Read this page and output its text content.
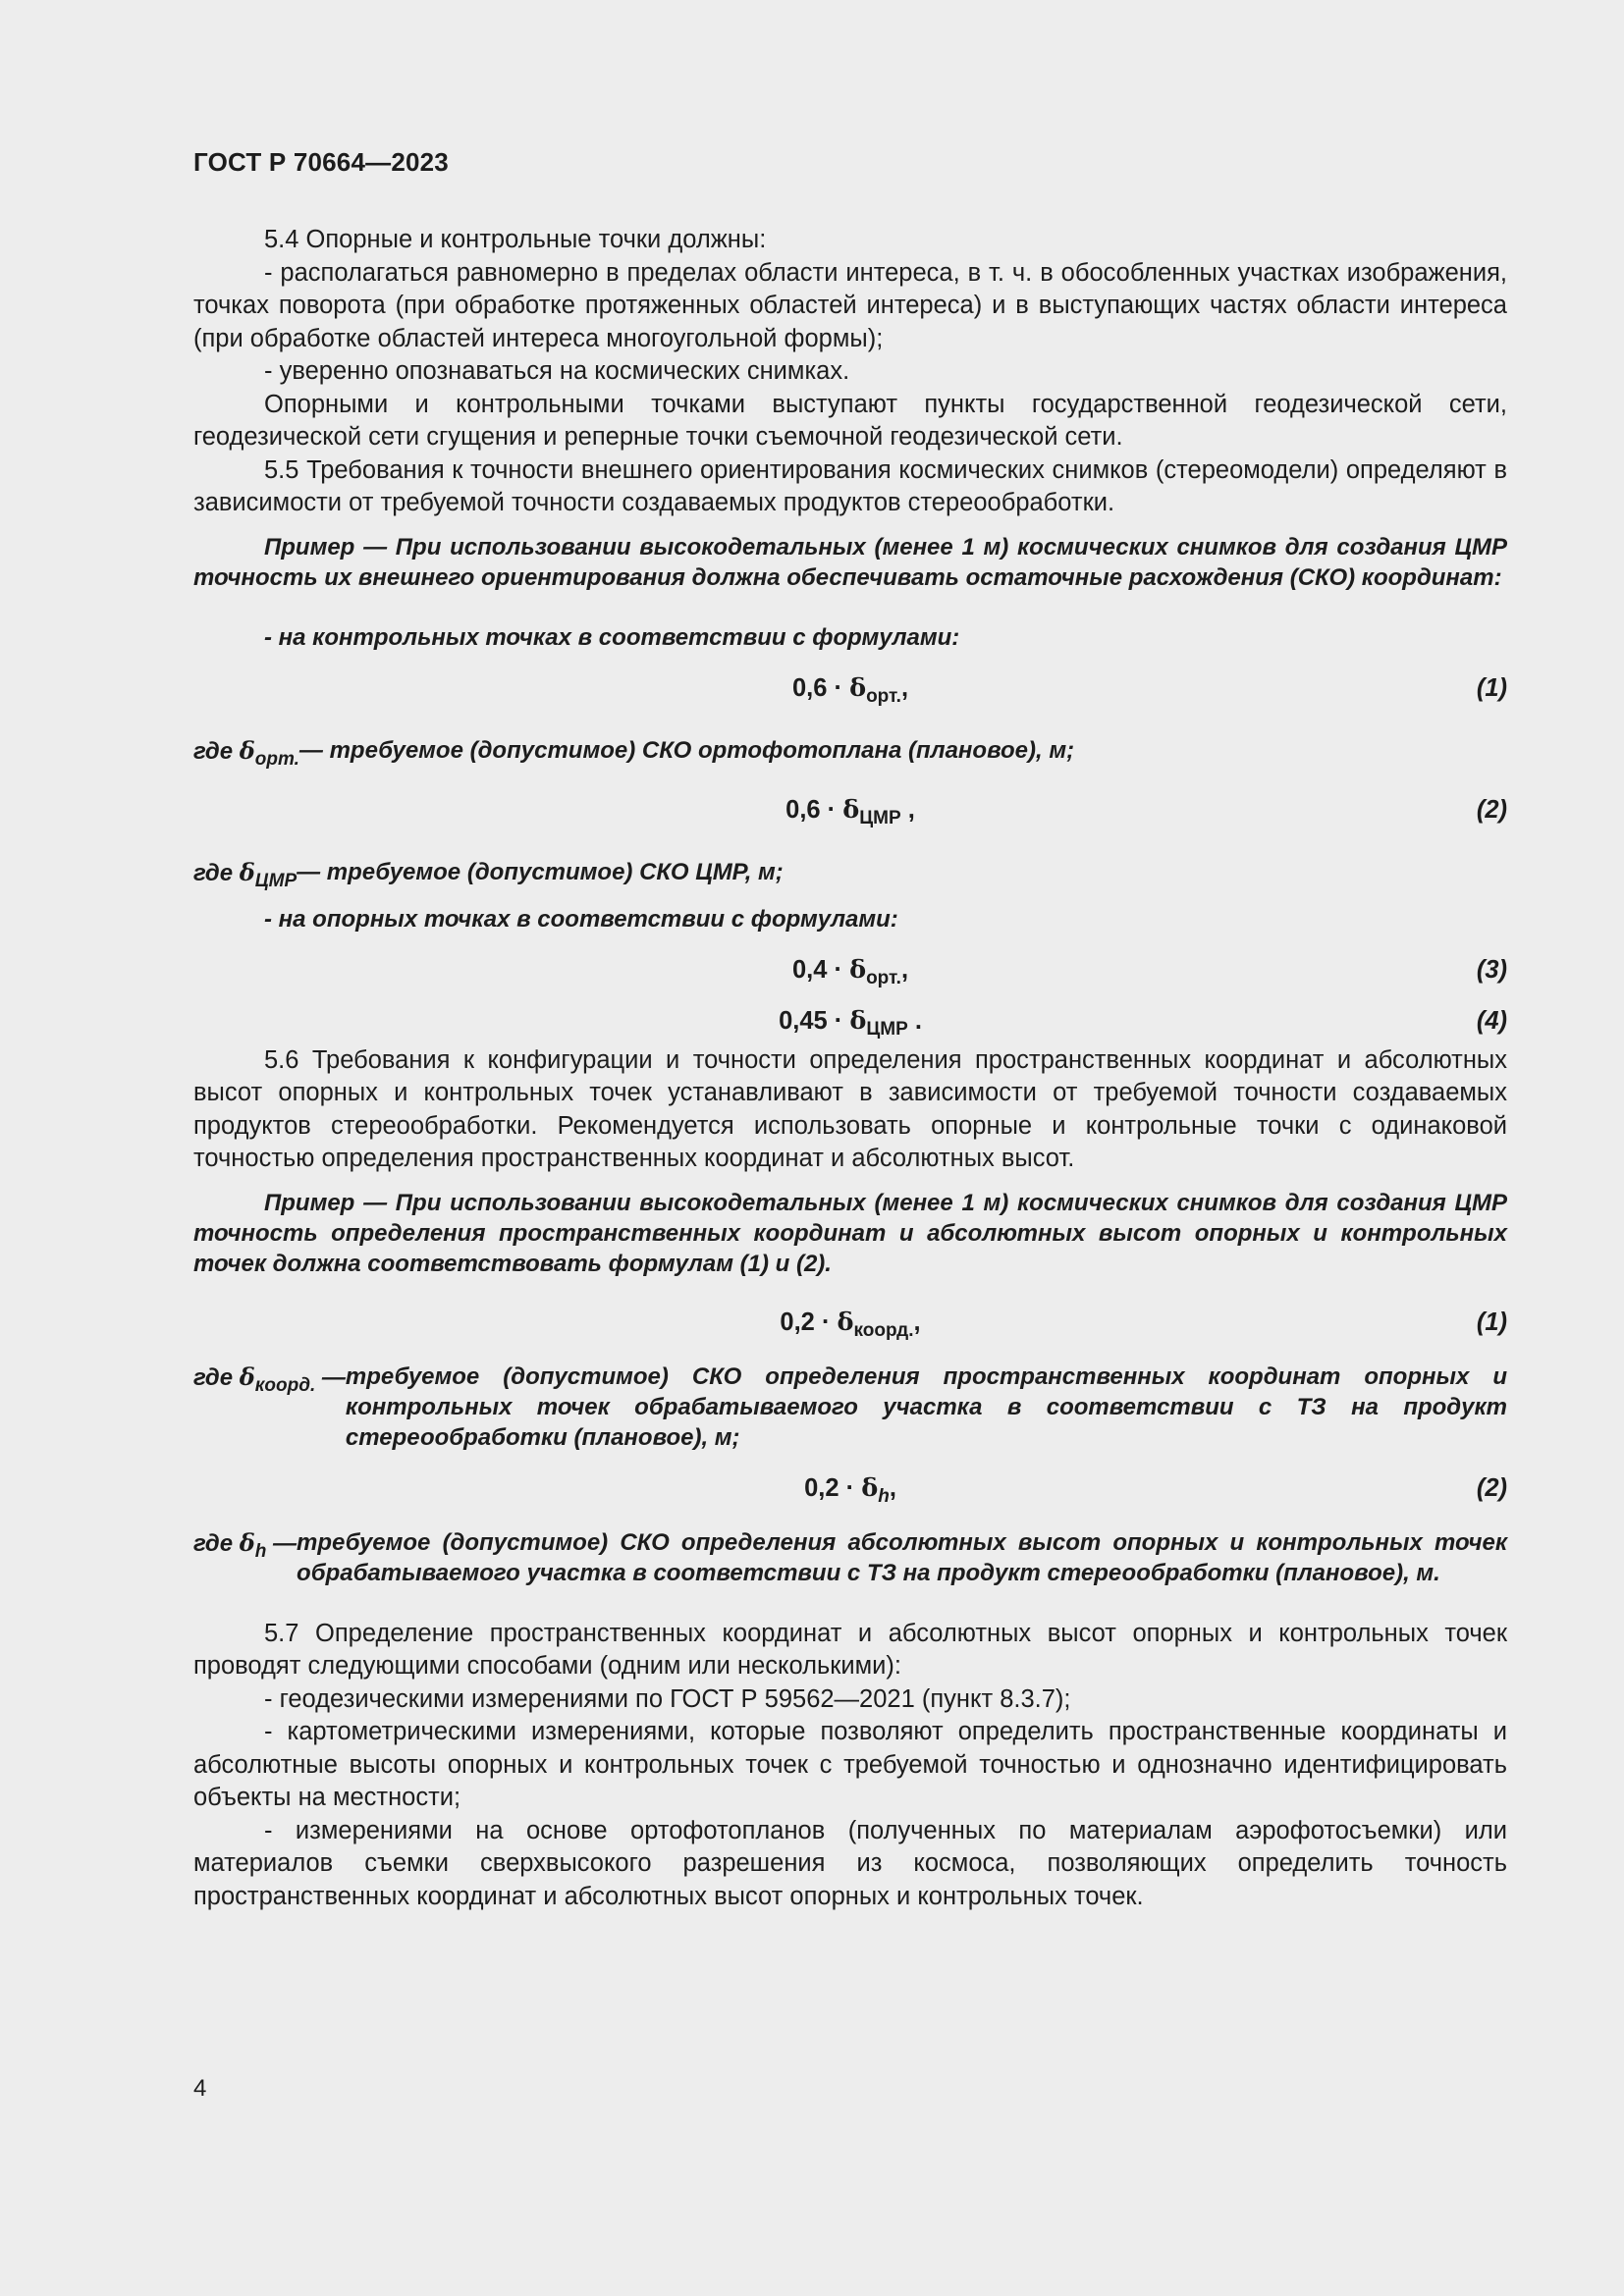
ГОСТ Р 70664—2023

5.4 Опорные и контрольные точки должны:

- располагаться равномерно в пределах области интереса, в т. ч. в обособленных участках изображения, точках поворота (при обработке протяженных областей интереса) и в выступающих частях области интереса (при обработке областей интереса многоугольной формы);

- уверенно опознаваться на космических снимках.

Опорными и контрольными точками выступают пункты государственной геодезической сети, геодезической сети сгущения и реперные точки съемочной геодезической сети.

5.5 Требования к точности внешнего ориентирования космических снимков (стереомодели) определяют в зависимости от требуемой точности создаваемых продуктов стереообработки.

Пример — При использовании высокодетальных (менее 1 м) космических снимков для создания ЦМР точность их внешнего ориентирования должна обеспечивать остаточные расхождения (СКО) координат:

- на контрольных точках в соответствии с формулами:

$0,6 \cdot \delta_{орт.}$,	(1)
где $\delta_{орт.}$ — требуемое (допустимое) СКО ортофотоплана (плановое), м;
$0,6 \cdot \delta_{ЦМР}$ ,	(2)
где $\delta_{ЦМР}$ — требуемое (допустимое) СКО ЦМР, м;

- на опорных точках в соответствии с формулами:

$0,4 \cdot \delta_{орт.}$,	(3)
$0,45 \cdot \delta_{ЦМР}$ .	(4)

5.6 Требования к конфигурации и точности определения пространственных координат и абсолютных высот опорных и контрольных точек устанавливают в зависимости от требуемой точности создаваемых продуктов стереообработки. Рекомендуется использовать опорные и контрольные точки с одинаковой точностью определения пространственных координат и абсолютных высот.

Пример — При использовании высокодетальных (менее 1 м) космических снимков для создания ЦМР точность определения пространственных координат и абсолютных высот опорных и контрольных точек должна соответствовать формулам (1) и (2).

$0,2 \cdot \delta_{коорд.}$,	(1)
где $\delta_{коорд.}$ — требуемое (допустимое) СКО определения пространственных координат опорных и контрольных точек обрабатываемого участка в соответствии с ТЗ на продукт стереообработки (плановое), м;
$0,2 \cdot \delta_h$,	(2)
где $\delta_h$ — требуемое (допустимое) СКО определения абсолютных высот опорных и контрольных точек обрабатываемого участка в соответствии с ТЗ на продукт стереообработки (плановое), м.

5.7 Определение пространственных координат и абсолютных высот опорных и контрольных точек проводят следующими способами (одним или несколькими):

- геодезическими измерениями по ГОСТ Р 59562—2021 (пункт 8.3.7);

- картометрическими измерениями, которые позволяют определить пространственные координаты и абсолютные высоты опорных и контрольных точек с требуемой точностью и однозначно идентифицировать объекты на местности;

- измерениями на основе ортофотопланов (полученных по материалам аэрофотосъемки) или материалов съемки сверхвысокого разрешения из космоса, позволяющих определить точность пространственных координат и абсолютных высот опорных и контрольных точек.

4
